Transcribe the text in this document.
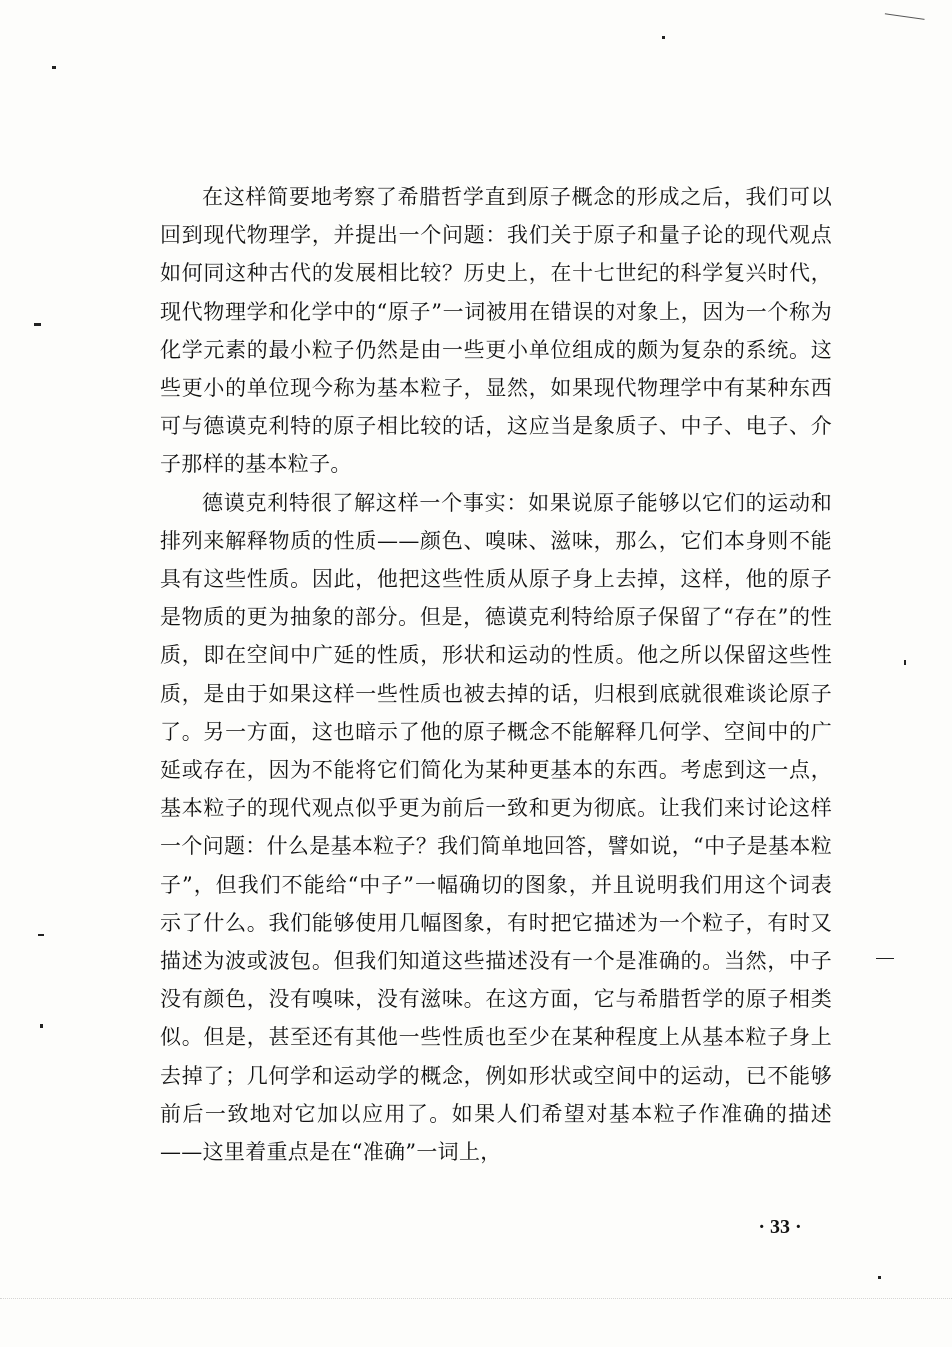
在这样简要地考察了希腊哲学直到原子概念的形成之后，我们可以回到现代物理学，并提出一个问题：我们关于原子和量子论的现代观点如何同这种古代的发展相比较？历史上，在十七世纪的科学复兴时代，现代物理学和化学中的“原子”一词被用在错误的对象上，因为一个称为化学元素的最小粒子仍然是由一些更小单位组成的颇为复杂的系统。这些更小的单位现今称为基本粒子，显然，如果现代物理学中有某种东西可与德谟克利特的原子相比较的话，这应当是象质子、中子、电子、介子那样的基本粒子。

德谟克利特很了解这样一个事实：如果说原子能够以它们的运动和排列来解释物质的性质——颜色、嗅味、滋味，那么，它们本身则不能具有这些性质。因此，他把这些性质从原子身上去掉，这样，他的原子是物质的更为抽象的部分。但是，德谟克利特给原子保留了“存在”的性质，即在空间中广延的性质，形状和运动的性质。他之所以保留这些性质，是由于如果这样一些性质也被去掉的话，归根到底就很难谈论原子了。另一方面，这也暗示了他的原子概念不能解释几何学、空间中的广延或存在，因为不能将它们简化为某种更基本的东西。考虑到这一点，基本粒子的现代观点似乎更为前后一致和更为彻底。让我们来讨论这样一个问题：什么是基本粒子？我们简单地回答，譬如说，“中子是基本粒子”，但我们不能给“中子”一幅确切的图象，并且说明我们用这个词表示了什么。我们能够使用几幅图象，有时把它描述为一个粒子，有时又描述为波或波包。但我们知道这些描述没有一个是准确的。当然，中子没有颜色，没有嗅味，没有滋味。在这方面，它与希腊哲学的原子相类似。但是，甚至还有其他一些性质也至少在某种程度上从基本粒子身上去掉了；几何学和运动学的概念，例如形状或空间中的运动，已不能够前后一致地对它加以应用了。如果人们希望对基本粒子作准确的描述——这里着重点是在“准确”一词上，

· 33 ·
